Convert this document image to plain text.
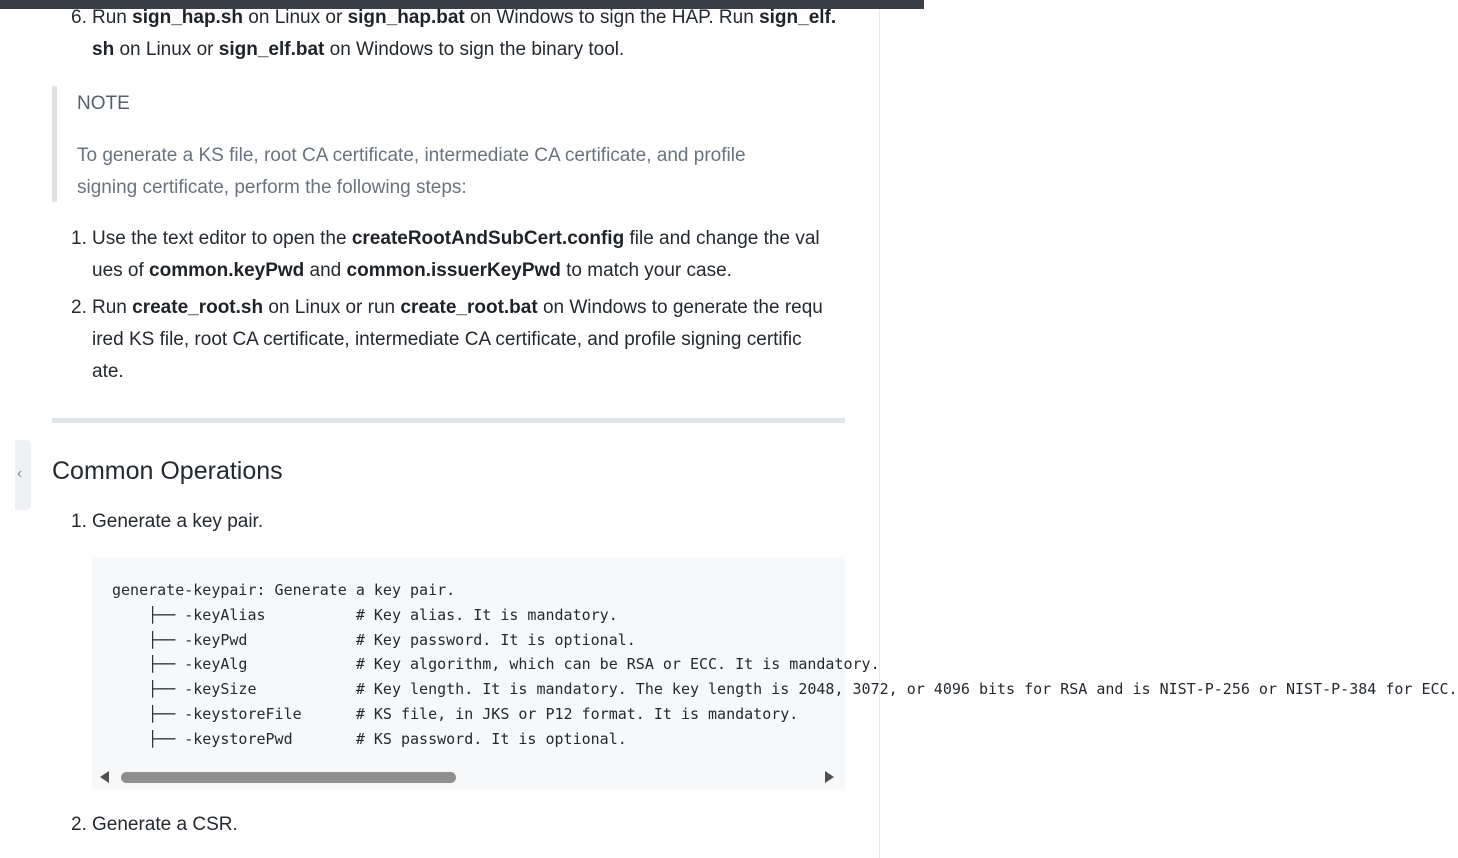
‹
6. Run sign_hap.sh on Linux or sign_hap.bat on Windows to sign the HAP. Run sign_elf.
sh on Linux or sign_elf.bat on Windows to sign the binary tool.
NOTE
To generate a KS file, root CA certificate, intermediate CA certificate, and profile
signing certificate, perform the following steps:
1. Use the text editor to open the createRootAndSubCert.config file and change the val
ues of common.keyPwd and common.issuerKeyPwd to match your case.
2. Run create_root.sh on Linux or run create_root.bat on Windows to generate the requ
ired KS file, root CA certificate, intermediate CA certificate, and profile signing certific
ate.
Common Operations
1. Generate a key pair.
generate-keypair: Generate a key pair.
├── -keyAlias          # Key alias. It is mandatory.
├── -keyPwd            # Key password. It is optional.
├── -keyAlg            # Key algorithm, which can be RSA or ECC. It is mandatory.
├── -keySize           # Key length. It is mandatory. The key length is 2048, 3072, or 4096 bits for RSA and is NIST-P-256 or NIST-P-384 for ECC.
├── -keystoreFile      # KS file, in JKS or P12 format. It is mandatory.
├── -keystorePwd       # KS password. It is optional.
2. Generate a CSR.
